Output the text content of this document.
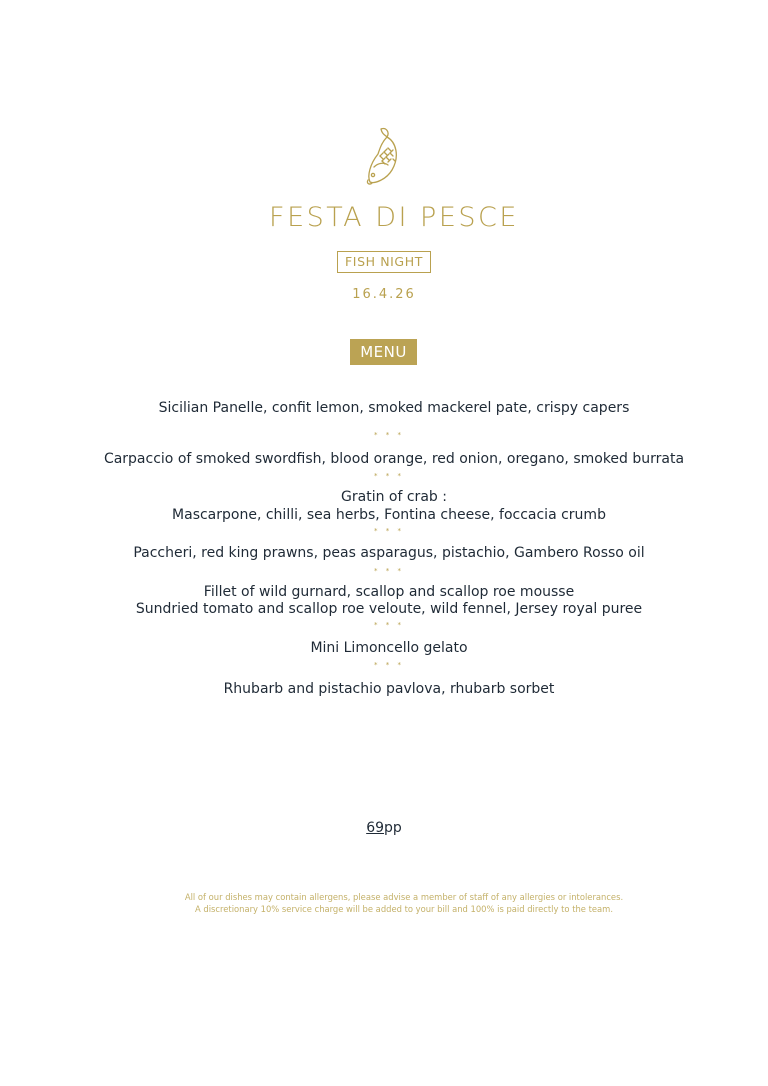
FESTA DI PESCE
FISH NIGHT
16.4.26
MENU
Sicilian Panelle, confit lemon, smoked mackerel pate, crispy capers
* * *
Carpaccio of smoked swordfish, blood orange, red onion, oregano, smoked burrata
* * *
Gratin of crab :
Mascarpone, chilli, sea herbs, Fontina cheese, foccacia crumb
* * *
Paccheri, red king prawns, peas asparagus, pistachio, Gambero Rosso oil
* * *
Fillet of wild gurnard, scallop and scallop roe mousse
Sundried tomato and scallop roe veloute, wild fennel, Jersey royal puree
* * *
Mini Limoncello gelato
* * *
Rhubarb and pistachio pavlova, rhubarb sorbet
69pp
All of our dishes may contain allergens, please advise a member of staff of any allergies or intolerances.
A discretionary 10% service charge will be added to your bill and 100% is paid directly to the team.
